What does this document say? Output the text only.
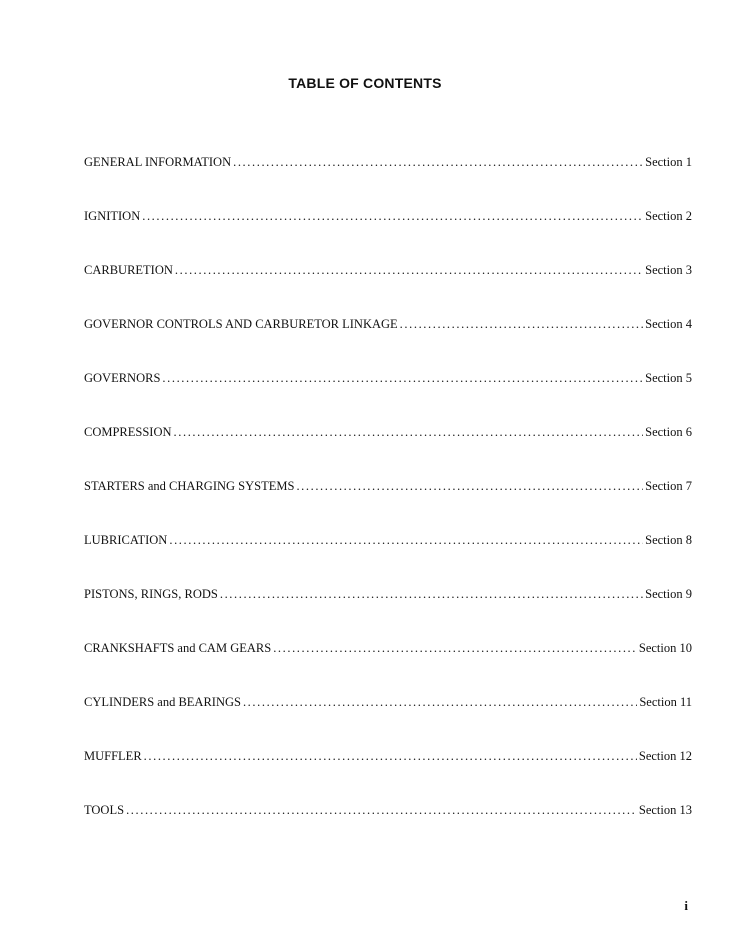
TABLE OF CONTENTS
GENERAL INFORMATION .....	Section 1
IGNITION .....	Section 2
CARBURETION .....	Section 3
GOVERNOR CONTROLS AND CARBURETOR LINKAGE .....	Section 4
GOVERNORS .....	Section 5
COMPRESSION .....	Section 6
STARTERS and CHARGING SYSTEMS .....	Section 7
LUBRICATION .....	Section 8
PISTONS, RINGS, RODS .....	Section 9
CRANKSHAFTS and CAM GEARS .....	Section 10
CYLINDERS and BEARINGS .....	Section 11
MUFFLER .....	Section 12
TOOLS .....	Section 13
i
